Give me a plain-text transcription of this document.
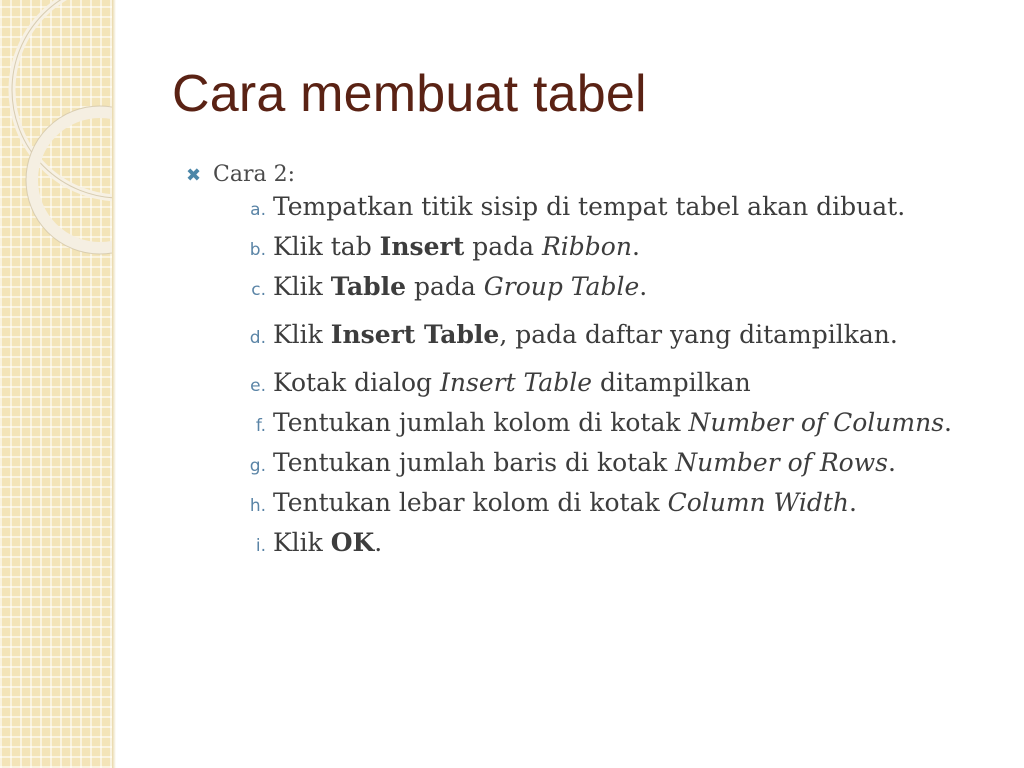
Cara membuat tabel
✖ Cara 2:
a. Tempatkan titik sisip di tempat tabel akan dibuat.
b. Klik tab Insert pada Ribbon.
c. Klik Table pada Group Table.
d. Klik Insert Table, pada daftar yang ditampilkan.
e. Kotak dialog Insert Table ditampilkan
f. Tentukan jumlah kolom di kotak Number of Columns.
g. Tentukan jumlah baris di kotak Number of Rows.
h. Tentukan lebar kolom di kotak Column Width.
i. Klik OK.
